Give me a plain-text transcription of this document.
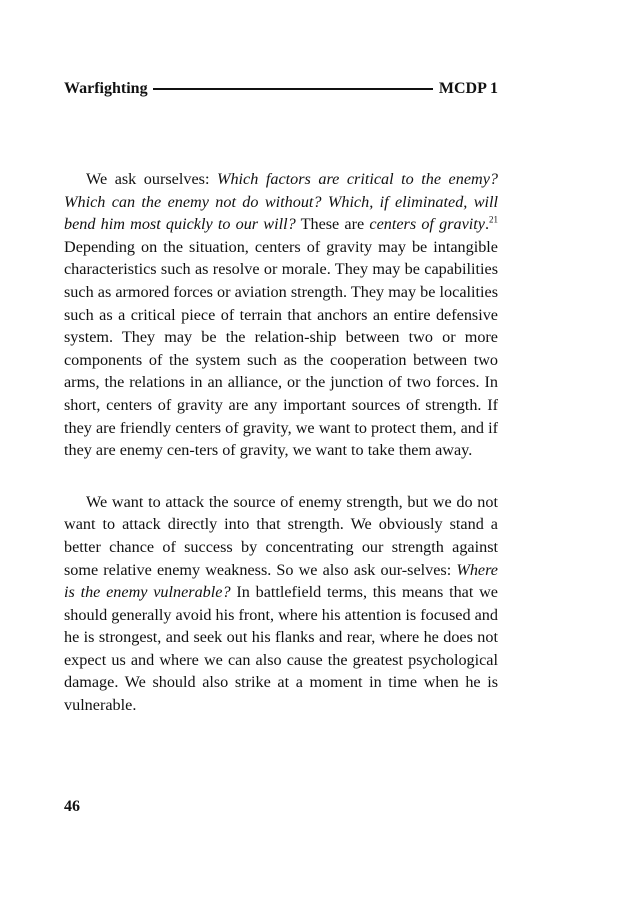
Warfighting	MCDP 1

We ask ourselves: Which factors are critical to the enemy? Which can the enemy not do without? Which, if eliminated, will bend him most quickly to our will? These are centers of gravity.$^{21}$ Depending on the situation, centers of gravity may be intangible characteristics such as resolve or morale. They may be capabilities such as armored forces or aviation strength. They may be localities such as a critical piece of terrain that anchors an entire defensive system. They may be the relation-ship between two or more components of the system such as the cooperation between two arms, the relations in an alliance, or the junction of two forces. In short, centers of gravity are any important sources of strength. If they are friendly centers of gravity, we want to protect them, and if they are enemy cen-ters of gravity, we want to take them away.

We want to attack the source of enemy strength, but we do not want to attack directly into that strength. We obviously stand a better chance of success by concentrating our strength against some relative enemy weakness. So we also ask our-selves: Where is the enemy vulnerable? In battlefield terms, this means that we should generally avoid his front, where his attention is focused and he is strongest, and seek out his flanks and rear, where he does not expect us and where we can also cause the greatest psychological damage. We should also strike at a moment in time when he is vulnerable.

46
